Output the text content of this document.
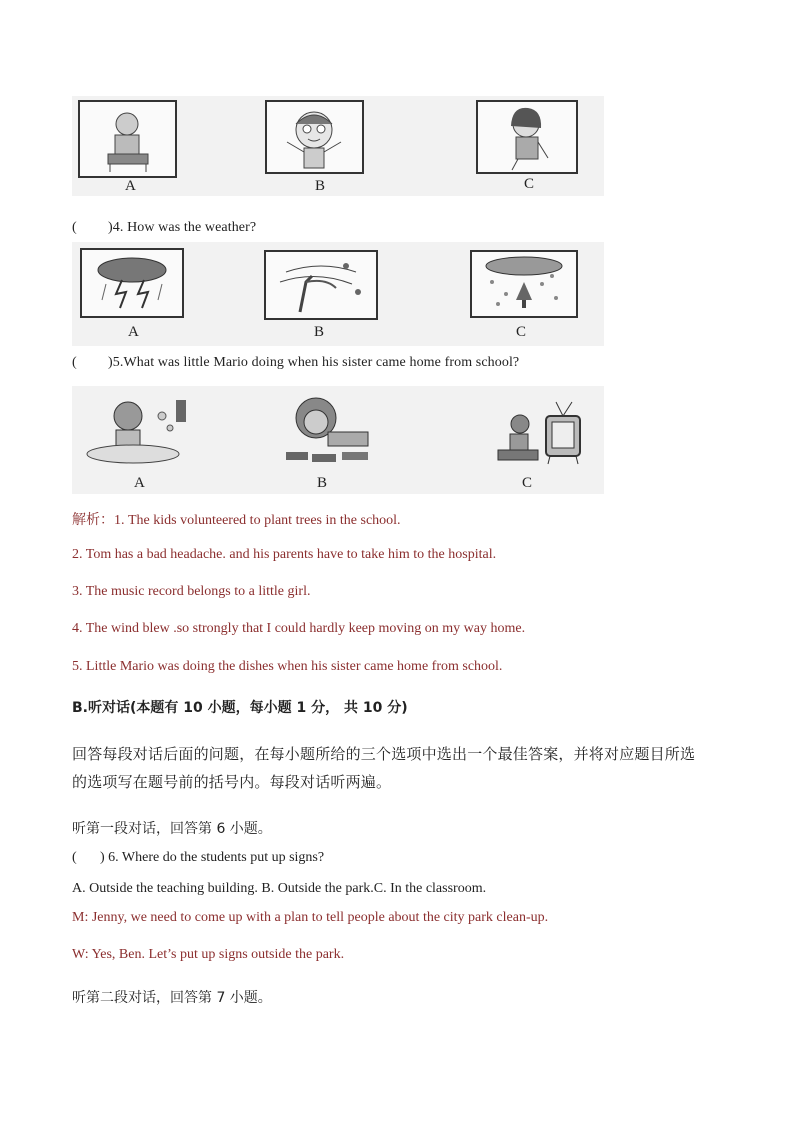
A	B	C
( )4. How was the weather?
A	B	C
( )5.What was little Mario doing when his sister came home from school?
A	B	C
解析：1. The kids volunteered to plant trees in the school.
2. Tom has a bad headache. and his parents have to take him to the hospital.
3. The music record belongs to a little girl.
4. The wind blew .so strongly that I could hardly keep moving on my way home.
5. Little Mario was doing the dishes when his sister came home from school.
B.听对话(本题有 10 小题，每小题 1 分， 共 10 分)
回答每段对话后面的问题，在每小题所给的三个选项中选出一个最佳答案，并将对应题目所选
的选项写在题号前的括号内。每段对话听两遍。
听第一段对话，回答第 6 小题。
( ) 6. Where do the students put up signs?
A. Outside the teaching building. B. Outside the park.C. In the classroom.
M: Jenny, we need to come up with a plan to tell people about the city park clean-up.
W: Yes, Ben. Let’s put up signs outside the park.
听第二段对话，回答第 7 小题。
